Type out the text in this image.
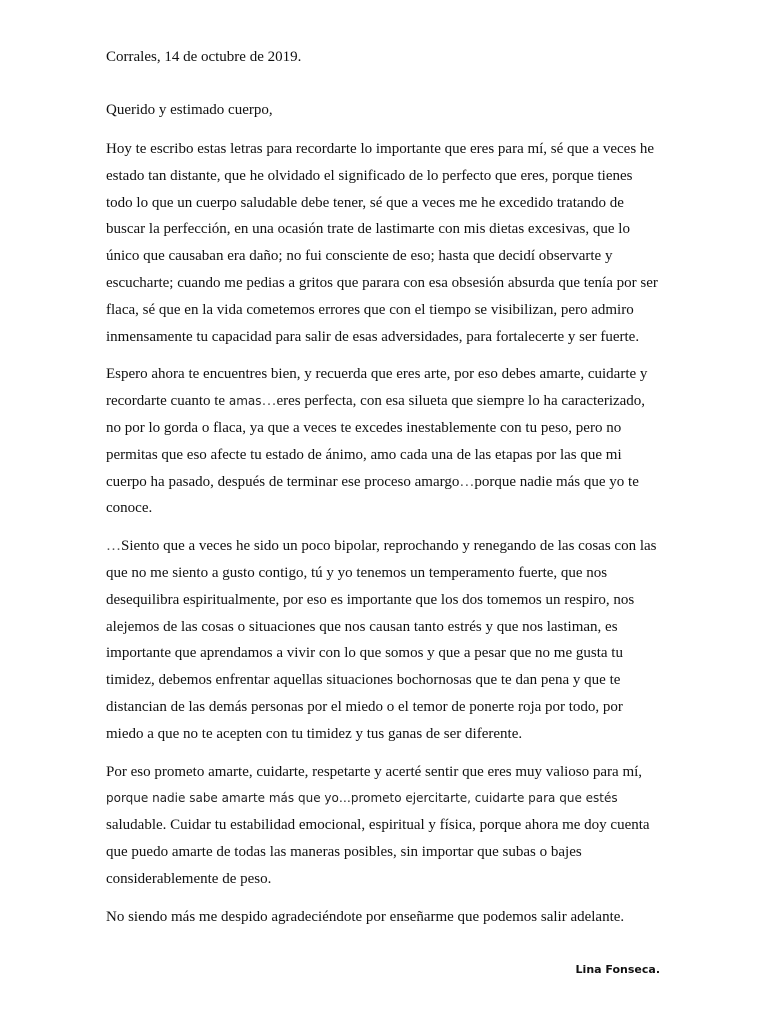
Corrales, 14 de octubre de 2019.
Querido y estimado cuerpo,

Hoy te escribo estas letras para recordarte lo importante que eres para mí, sé que a veces he
estado tan distante, que he olvidado el significado de lo perfecto que eres, porque tienes
todo lo que un cuerpo saludable debe tener, sé que a veces me he excedido tratando de
buscar la perfección, en una ocasión trate de lastimarte con mis dietas excesivas, que lo
único que causaban era daño; no fui consciente de eso; hasta que decidí observarte y
escucharte; cuando me pedias a gritos que parara con esa obsesión absurda que tenía por ser
flaca, sé que en la vida cometemos errores que con el tiempo se visibilizan, pero admiro
inmensamente tu capacidad para salir de esas adversidades, para fortalecerte y ser fuerte.

Espero ahora te encuentres bien, y recuerda que eres arte, por eso debes amarte, cuidarte y
recordarte cuanto te amas…eres perfecta, con esa silueta que siempre lo ha caracterizado,
no por lo gorda o flaca, ya que a veces te excedes inestablemente con tu peso, pero no
permitas que eso afecte tu estado de ánimo, amo cada una de las etapas por las que mi
cuerpo ha pasado, después de terminar ese proceso amargo…porque nadie más que yo te
conoce.

…Siento que a veces he sido un poco bipolar, reprochando y renegando de las cosas con las
que no me siento a gusto contigo, tú y yo tenemos un temperamento fuerte, que nos
desequilibra espiritualmente, por eso es importante que los dos tomemos un respiro, nos
alejemos de las cosas o situaciones que nos causan tanto estrés y que nos lastiman, es
importante que aprendamos a vivir con lo que somos y que a pesar que no me gusta tu
timidez, debemos enfrentar aquellas situaciones bochornosas que te dan pena y que te
distancian de las demás personas por el miedo o el temor de ponerte roja por todo, por
miedo a que no te acepten con tu timidez y tus ganas de ser diferente.

Por eso prometo amarte, cuidarte, respetarte y acerté sentir que eres muy valioso para mí,
porque nadie sabe amarte más que yo…prometo ejercitarte, cuidarte para que estés
saludable. Cuidar tu estabilidad emocional, espiritual y física, porque ahora me doy cuenta
que puedo amarte de todas las maneras posibles, sin importar que subas o bajes
considerablemente de peso.

No siendo más me despido agradeciéndote por enseñarme que podemos salir adelante.

Lina Fonseca.
